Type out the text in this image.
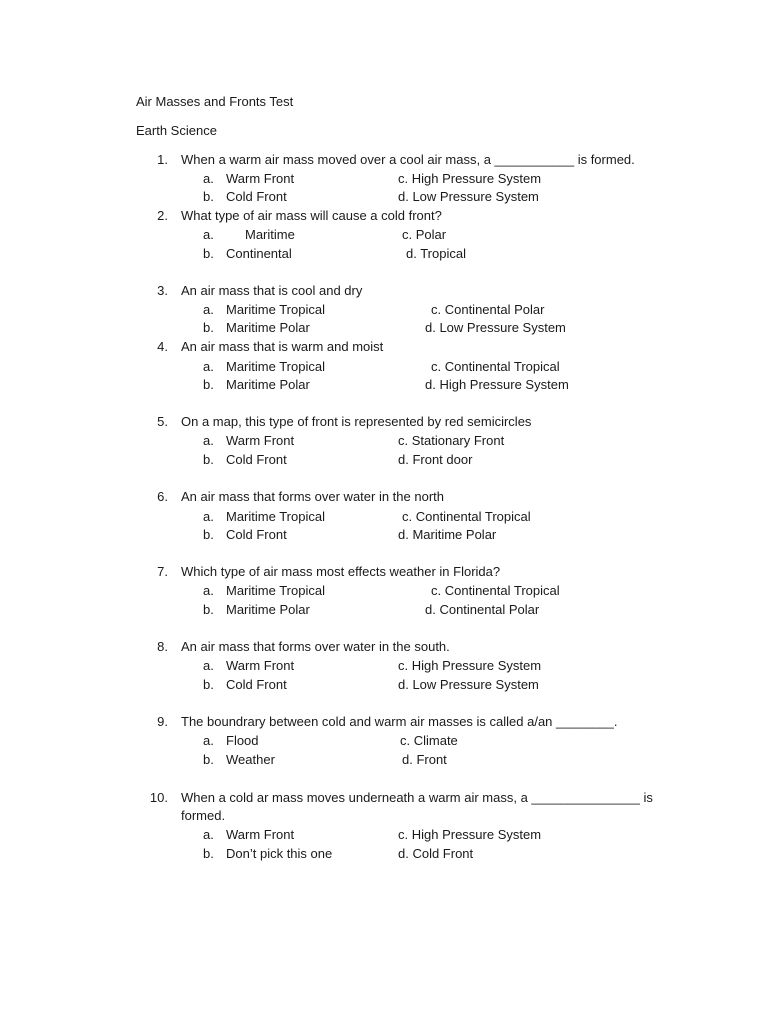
Air Masses and Fronts Test
Earth Science
1. When a warm air mass moved over a cool air mass, a ___________ is formed.
a. Warm Front	c. High Pressure System
b. Cold Front	d. Low Pressure System
2. What type of air mass will cause a cold front?
a. Maritime	c. Polar
b. Continental	d. Tropical
3. An air mass that is cool and dry
a. Maritime Tropical	c. Continental Polar
b. Maritime Polar	d. Low Pressure System
4. An air mass that is warm and moist
a. Maritime Tropical	c. Continental Tropical
b. Maritime Polar	d. High Pressure System
5. On a map, this type of front is represented by red semicircles
a. Warm Front	c. Stationary Front
b. Cold Front	d. Front door
6. An air mass that forms over water in the north
a. Maritime Tropical	c. Continental Tropical
b. Cold Front	d. Maritime Polar
7. Which type of air mass most effects weather in Florida?
a. Maritime Tropical	c. Continental Tropical
b. Maritime Polar	d. Continental Polar
8. An air mass that forms over water in the south.
a. Warm Front	c. High Pressure System
b. Cold Front	d. Low Pressure System
9. The boundrary between cold and warm air masses is called a/an ________.
a. Flood	c. Climate
b. Weather	d. Front
10. When a cold ar mass moves underneath a warm air mass, a _______________ is
formed.
a. Warm Front	c. High Pressure System
b. Don’t pick this one	d. Cold Front
